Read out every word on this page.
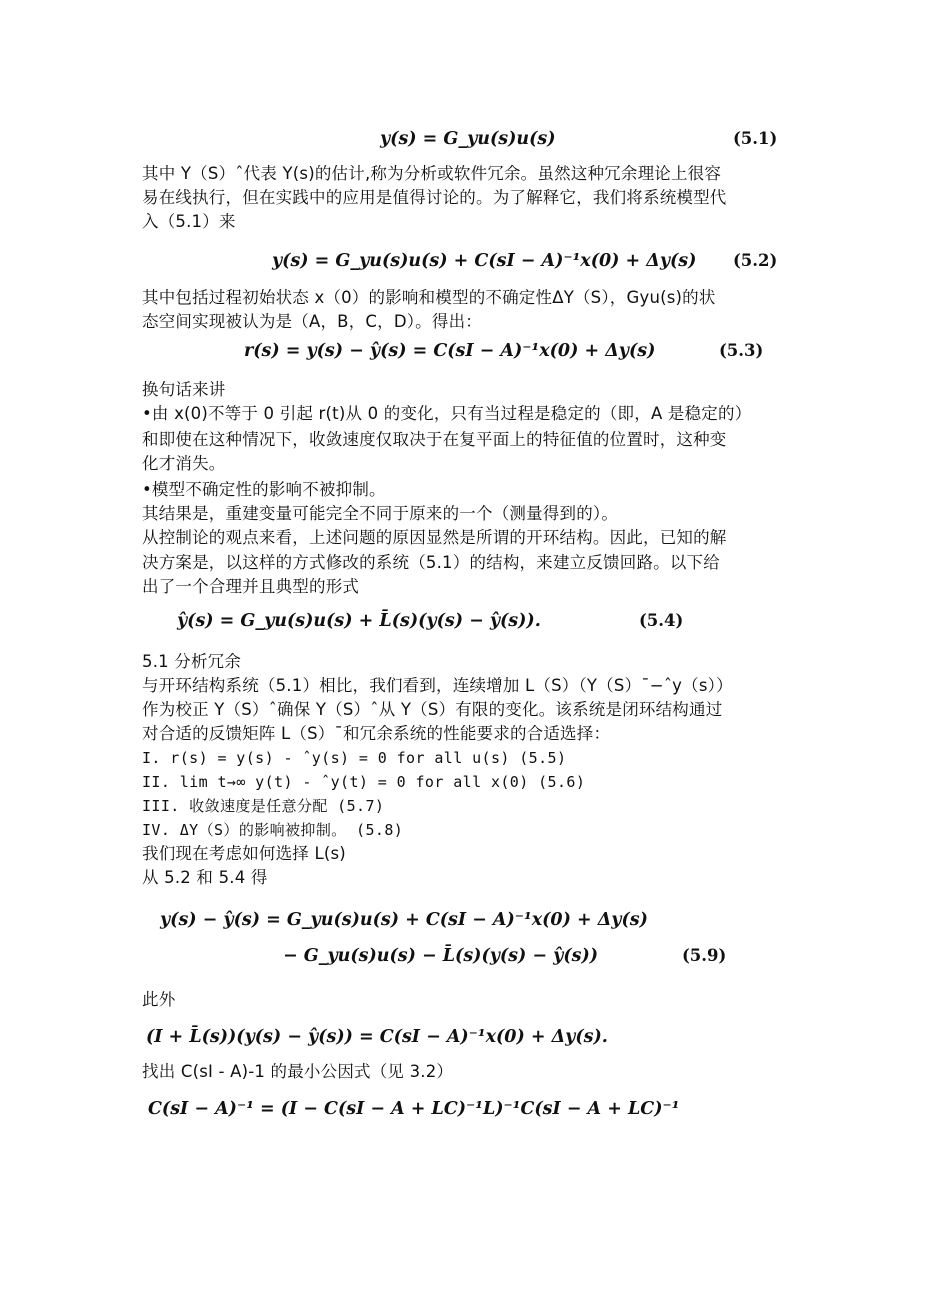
y(s) = G_yu(s)u(s)	(5.1)
其中 Y（S）ˆ代表 Y(s)的估计,称为分析或软件冗余。虽然这种冗余理论上很容
易在线执行，但在实践中的应用是值得讨论的。为了解释它，我们将系统模型代
入（5.1）来
y(s) = G_yu(s)u(s) + C(sI − A)⁻¹x(0) + Δy(s) (5.2)
其中包括过程初始状态 x（0）的影响和模型的不确定性ΔY（S），Gyu(s)的状
态空间实现被认为是（A，B，C，D）。得出：
r(s) = y(s) − ŷ(s) = C(sI − A)⁻¹x(0) + Δy(s)	(5.3)
换句话来讲
•由 x(0)不等于 0 引起 r(t)从 0 的变化，只有当过程是稳定的（即，A 是稳定的）
和即使在这种情况下，收敛速度仅取决于在复平面上的特征值的位置时，这种变
化才消失。
•模型不确定性的影响不被抑制。
其结果是，重建变量可能完全不同于原来的一个（测量得到的）。
从控制论的观点来看，上述问题的原因显然是所谓的开环结构。因此，已知的解
决方案是，以这样的方式修改的系统（5.1）的结构，来建立反馈回路。以下给
出了一个合理并且典型的形式
ŷ(s) = G_yu(s)u(s) + L̄(s)(y(s) − ŷ(s)).	(5.4)
5.1 分析冗余
与开环结构系统（5.1）相比，我们看到，连续增加 L（S）（Y（S）¯−ˆy（s））
作为校正 Y（S）ˆ确保 Y（S）ˆ从 Y（S）有限的变化。该系统是闭环结构通过
对合适的反馈矩阵 L（S）¯和冗余系统的性能要求的合适选择：
I. r(s) = y(s) - ˆy(s) = 0 for all u(s) (5.5)
II. lim t→∞ y(t) - ˆy(t) = 0 for all x(0) (5.6)
III. 收敛速度是任意分配 (5.7)
IV. ΔY（S）的影响被抑制。 (5.8)
我们现在考虑如何选择 L(s)
从 5.2 和 5.4 得
y(s) − ŷ(s) = G_yu(s)u(s) + C(sI − A)⁻¹x(0) + Δy(s)
− G_yu(s)u(s) − L̄(s)(y(s) − ŷ(s))	(5.9)
此外
(I + L̄(s))(y(s) − ŷ(s)) = C(sI − A)⁻¹x(0) + Δy(s).
找出 C(sI - A)-1 的最小公因式（见 3.2）
C(sI − A)⁻¹ = (I − C(sI − A + LC)⁻¹L)⁻¹C(sI − A + LC)⁻¹
